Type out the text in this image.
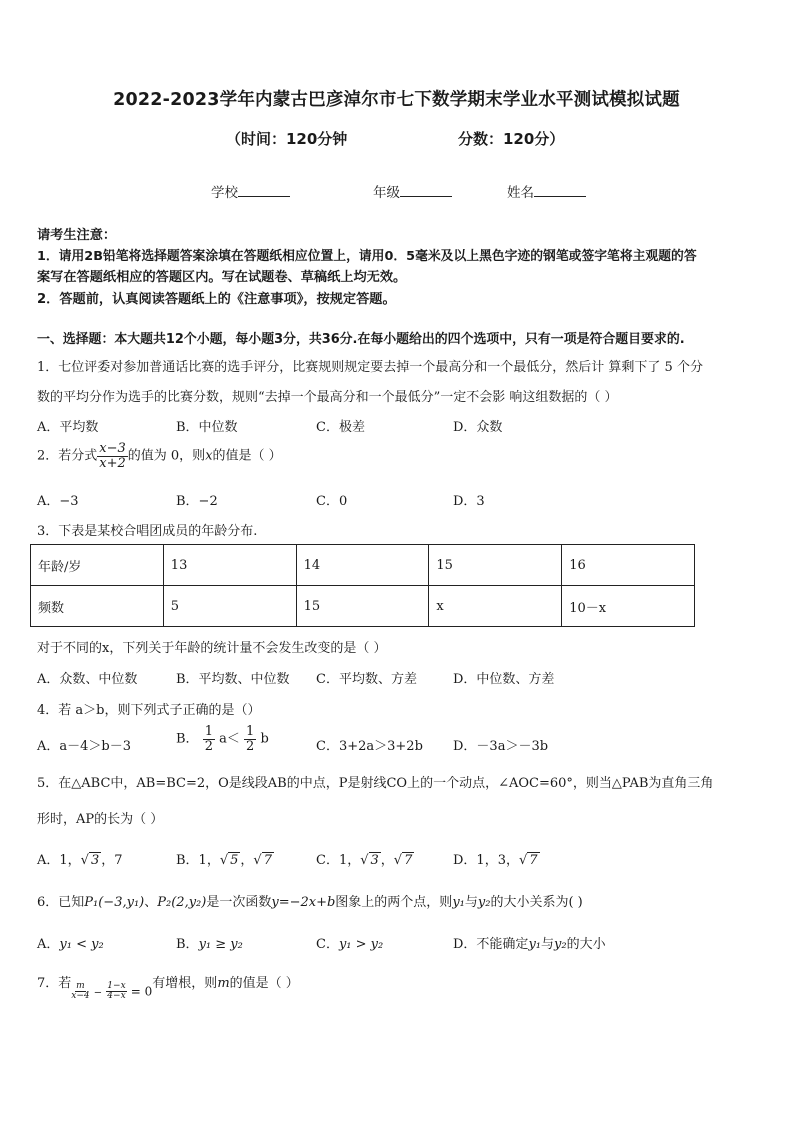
2022-2023学年内蒙古巴彦淖尔市七下数学期末学业水平测试模拟试题
（时间：120分钟	分数：120分）
学校	年级	姓名
请考生注意：
1．请用2B铅笔将选择题答案涂填在答题纸相应位置上，请用0．5毫米及以上黑色字迹的钢笔或签字笔将主观题的答
案写在答题纸相应的答题区内。写在试题卷、草稿纸上均无效。
2．答题前，认真阅读答题纸上的《注意事项》，按规定答题。
一、选择题：本大题共12个小题，每小题3分，共36分.在每小题给出的四个选项中，只有一项是符合题目要求的.
1．七位评委对参加普通话比赛的选手评分，比赛规则规定要去掉一个最高分和一个最低分，然后计 算剩下了 5 个分
数的平均分作为选手的比赛分数，规则“去掉一个最高分和一个最低分”一定不会影 响这组数据的（ ）
A．平均数	B．中位数	C．极差	D．众数
2．若分式 $\frac{x-3}{x+2}$ 的值为 0，则x的值是（ ）
A．−3	B．−2	C．0	D．3
3．下表是某校合唱团成员的年龄分布.
年龄/岁	13	14	15	16
频数	5	15	x	10－x
对于不同的x，下列关于年龄的统计量不会发生改变的是（ ）
A．众数、中位数	B．平均数、中位数 C．平均数、方差	D．中位数、方差
4．若 a＞b，则下列式子正确的是（）
A．a－4＞b－3	B． $\frac{1}{2} a< \frac{1}{2}$ b	C．3+2a＞3+2b D．－3a＞－3b
5．在△ABC中，AB=BC=2，O是线段AB的中点，P是射线CO上的一个动点，∠AOC=60°，则当△PAB为直角三角
形时，AP的长为（ ）
A．1，√ 3 ，7	B．1，√ 5 ，√ 7	C．1，√ 3 ，√ 7	D．1，3，√ 7
6．已知P₁(−3,y₁)、P₂(2,y₂)是一次函数y=−2x+b图象上的两个点，则y₁与y₂的大小关系为( )
A．y₁ < y₂	B．y₁ ≥ y₂	C．y₁ > y₂	D．不能确定y₁与y₂的大小
7．若 $\frac{m}{x-4} - \frac{1-x}{4-x} = 0$有增根，则m的值是（ ）
